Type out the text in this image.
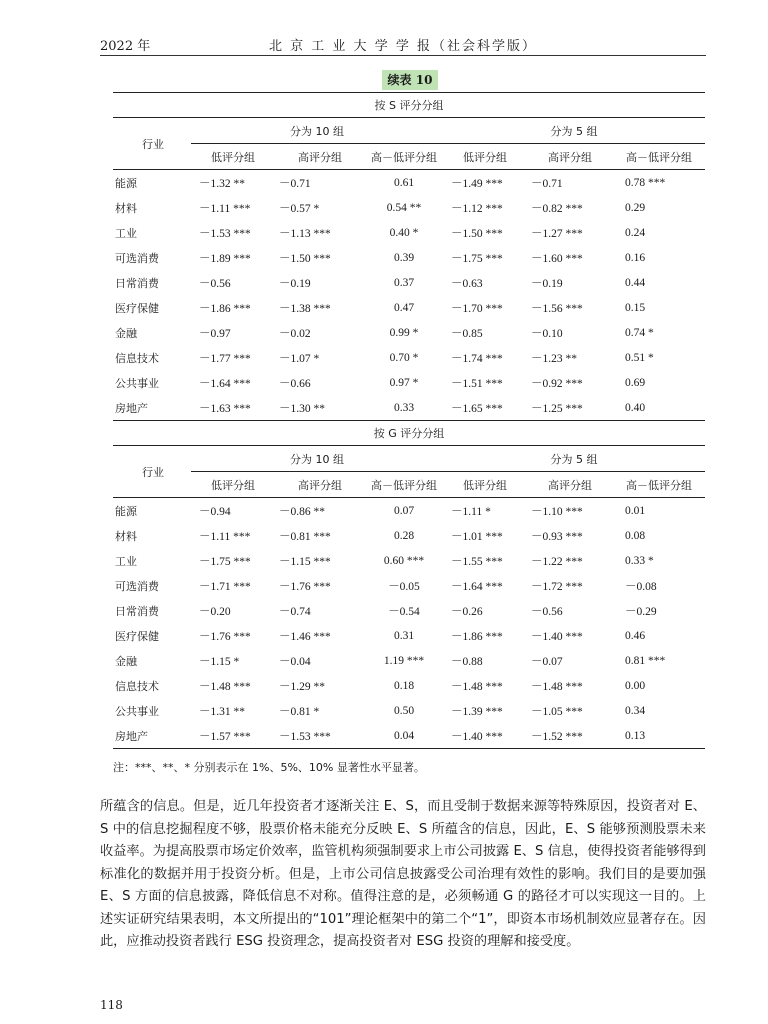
2022 年	北 京 工 业 大 学 学 报（社会科学版）
续表 10
按 S 评分分组						
行业	分为 10 组			分为 5 组		
	低评分组	高评分组	高－低评分组	低评分组	高评分组	高－低评分组
能源	－1.32 **	－0.71	0.61	－1.49 ***	－0.71	0.78 ***
材料	－1.11 ***	－0.57 *	0.54 **	－1.12 ***	－0.82 ***	0.29
工业	－1.53 ***	－1.13 ***	0.40 *	－1.50 ***	－1.27 ***	0.24
可选消费	－1.89 ***	－1.50 ***	0.39	－1.75 ***	－1.60 ***	0.16
日常消费	－0.56	－0.19	0.37	－0.63	－0.19	0.44
医疗保健	－1.86 ***	－1.38 ***	0.47	－1.70 ***	－1.56 ***	0.15
金融	－0.97	－0.02	0.99 *	－0.85	－0.10	0.74 *
信息技术	－1.77 ***	－1.07 *	0.70 *	－1.74 ***	－1.23 **	0.51 *
公共事业	－1.64 ***	－0.66	0.97 *	－1.51 ***	－0.92 ***	0.69
房地产	－1.63 ***	－1.30 **	0.33	－1.65 ***	－1.25 ***	0.40
按 G 评分分组						
行业	分为 10 组			分为 5 组		
	低评分组	高评分组	高－低评分组	低评分组	高评分组	高－低评分组
能源	－0.94	－0.86 **	0.07	－1.11 *	－1.10 ***	0.01
材料	－1.11 ***	－0.81 ***	0.28	－1.01 ***	－0.93 ***	0.08
工业	－1.75 ***	－1.15 ***	0.60 ***	－1.55 ***	－1.22 ***	0.33 *
可选消费	－1.71 ***	－1.76 ***	－0.05	－1.64 ***	－1.72 ***	－0.08
日常消费	－0.20	－0.74	－0.54	－0.26	－0.56	－0.29
医疗保健	－1.76 ***	－1.46 ***	0.31	－1.86 ***	－1.40 ***	0.46
金融	－1.15 *	－0.04	1.19 ***	－0.88	－0.07	0.81 ***
信息技术	－1.48 ***	－1.29 **	0.18	－1.48 ***	－1.48 ***	0.00
公共事业	－1.31 **	－0.81 *	0.50	－1.39 ***	－1.05 ***	0.34
房地产	－1.57 ***	－1.53 ***	0.04	－1.40 ***	－1.52 ***	0.13
注：***、**、* 分别表示在 1%、5%、10% 显著性水平显著。
所蕴含的信息。但是，近几年投资者才逐渐关注 E、S，而且受制于数据来源等特殊原因，投资者对 E、S 中的信息挖掘程度不够，股票价格未能充分反映 E、S 所蕴含的信息，因此，E、S 能够预测股票未来收益率。为提高股票市场定价效率，监管机构须强制要求上市公司披露 E、S 信息，使得投资者能够得到标准化的数据并用于投资分析。但是，上市公司信息披露受公司治理有效性的影响。我们目的是要加强 E、S 方面的信息披露，降低信息不对称。值得注意的是，必须畅通 G 的路径才可以实现这一目的。上述实证研究结果表明，本文所提出的“101”理论框架中的第二个“1”，即资本市场机制效应显著存在。因此，应推动投资者践行 ESG 投资理念，提高投资者对 ESG 投资的理解和接受度。
118
